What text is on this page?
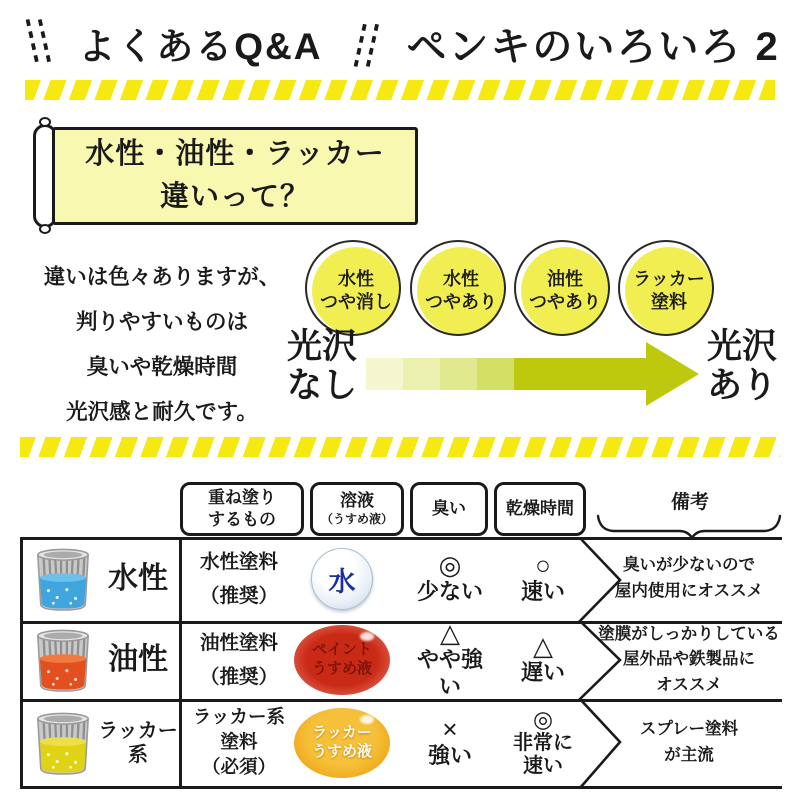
よくあるQ&A ペンキのいろいろ 2
水性・油性・ラッカー
違いって？
違いは色々ありますが、
判りやすいものは
臭いや乾燥時間
光沢感と耐久です。
水性
つや消し
水性
つやあり
油性
つやあり
ラッカー
塗料
光沢
なし
光沢
あり
重ね塗り
するもの
溶液
（うすめ液）
臭い 乾燥時間	備考
水性
水性塗料
（推奨） 水
◎
少ない
○
速い
臭いが少ないので
屋内使用にオススメ
油性
油性塗料
（推奨）
ペイント
うすめ液
△
やや強い
△
遅い
塗膜がしっかりしている
屋外品や鉄製品に
オススメ
ラッカー
系
ラッカー系
塗料
（必須）
ラッカー
うすめ液
×
強い
◎
非常に
速い
スプレー塗料
が主流
